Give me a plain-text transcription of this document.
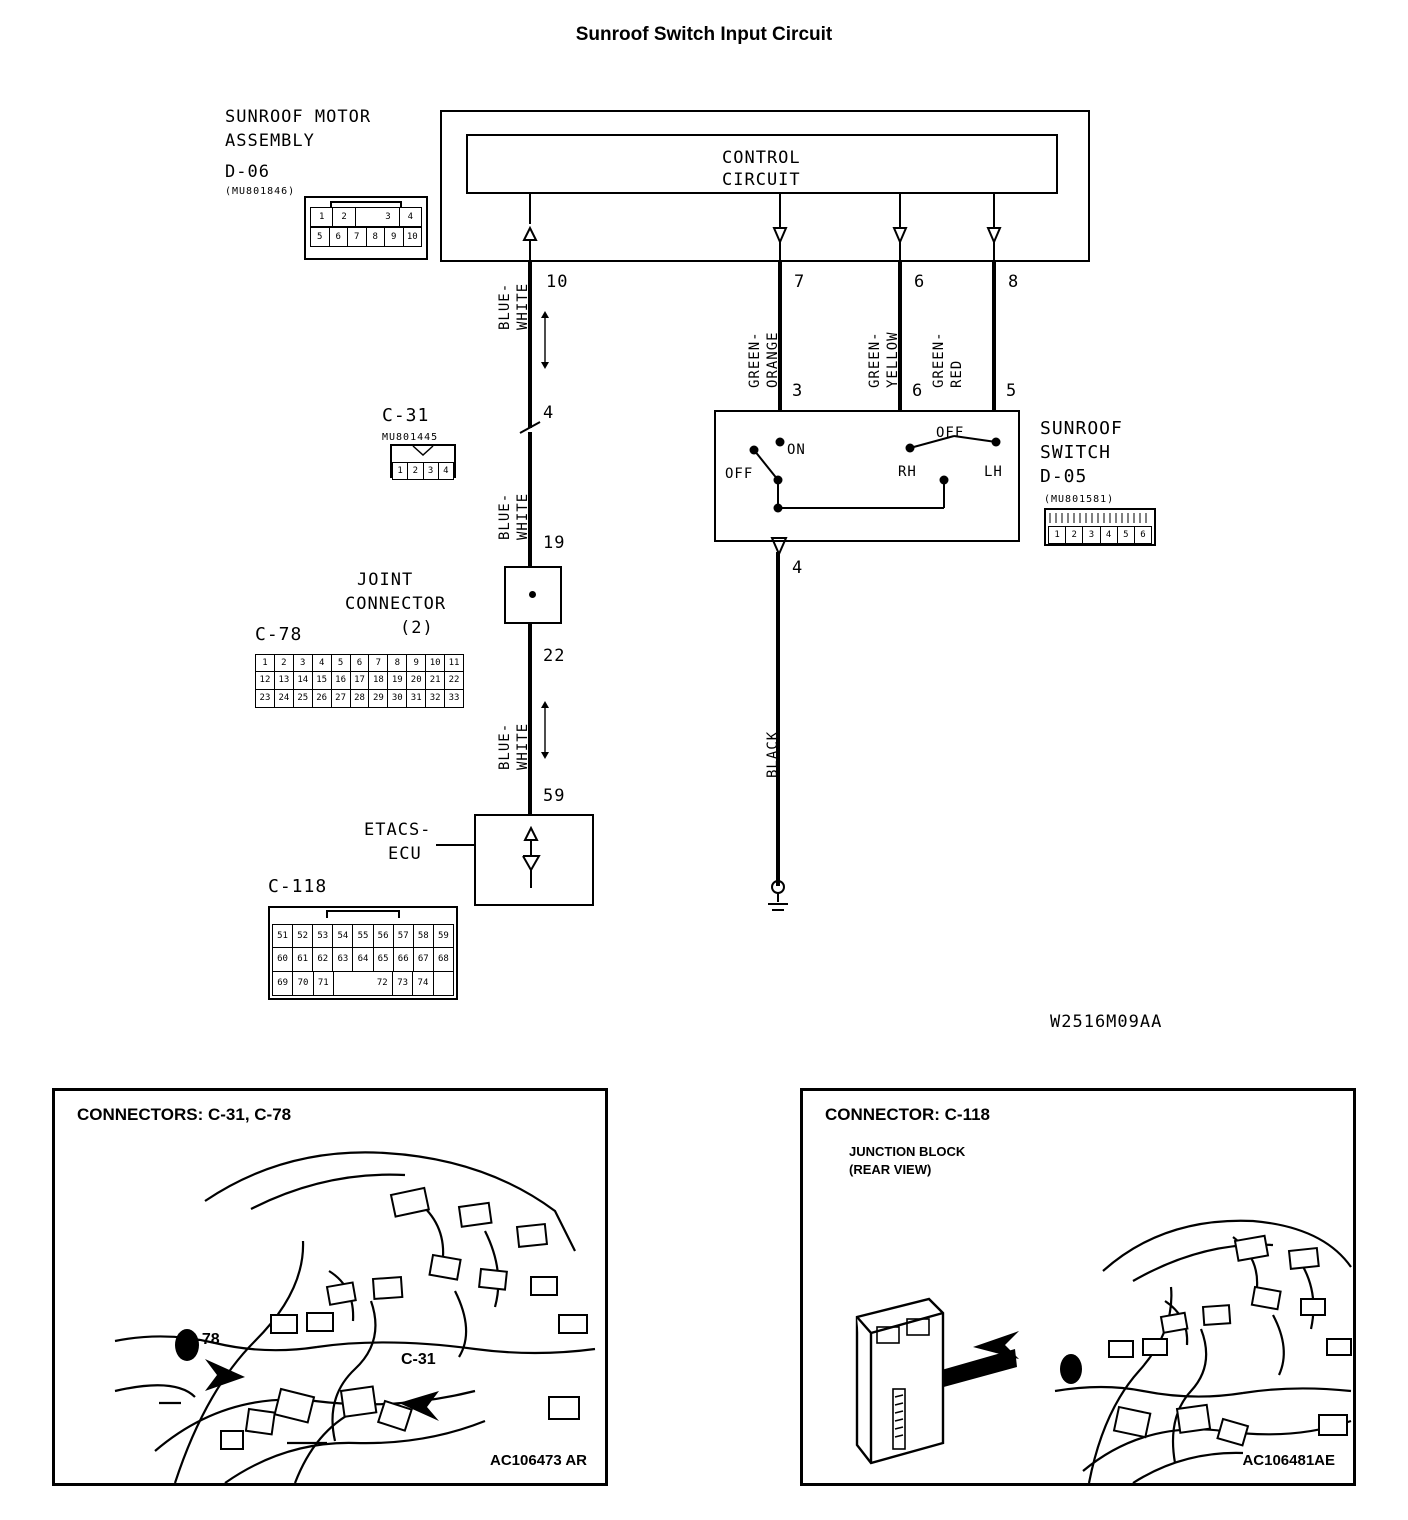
Sunroof Switch Input Circuit
SUNROOF MOTOR
ASSEMBLY
D-06
(MU801846)
1	2	3	4
5	6	7	8	9	10
CONTROL
CIRCUIT
10
BLUE- WHITE
4
C-31
MU801445
1	2	3	4
BLUE- WHITE
19
JOINT
CONNECTOR
(2)
C-78
1	2	3	4	5	6	7	8	9	10 11
12 13 14 15 16 17 18 19 20 21 22
23 24 25 26 27 28 29 30 31 32 33
22
BLUE- WHITE
59
ETACS-
ECU
C-118
51	52	53	54	55	56	57	58	59
60	61	62	63	64	65	66	67	68
69	70	71	72	73	74
7
GREEN- ORANGE
3
6
GREEN- YELLOW
6
8
GREEN- RED
5
OFF
ON
RH
OFF
LH
SUNROOF
SWITCH
D-05
(MU801581)
1	2	3	4	5	6
4
BLACK
W2516M09AA
CONNECTORS: C-31, C-78
AC106473 AR
C-78
C-31
CONNECTOR: C-118
JUNCTION BLOCK
(REAR VIEW)
AC106481AE
